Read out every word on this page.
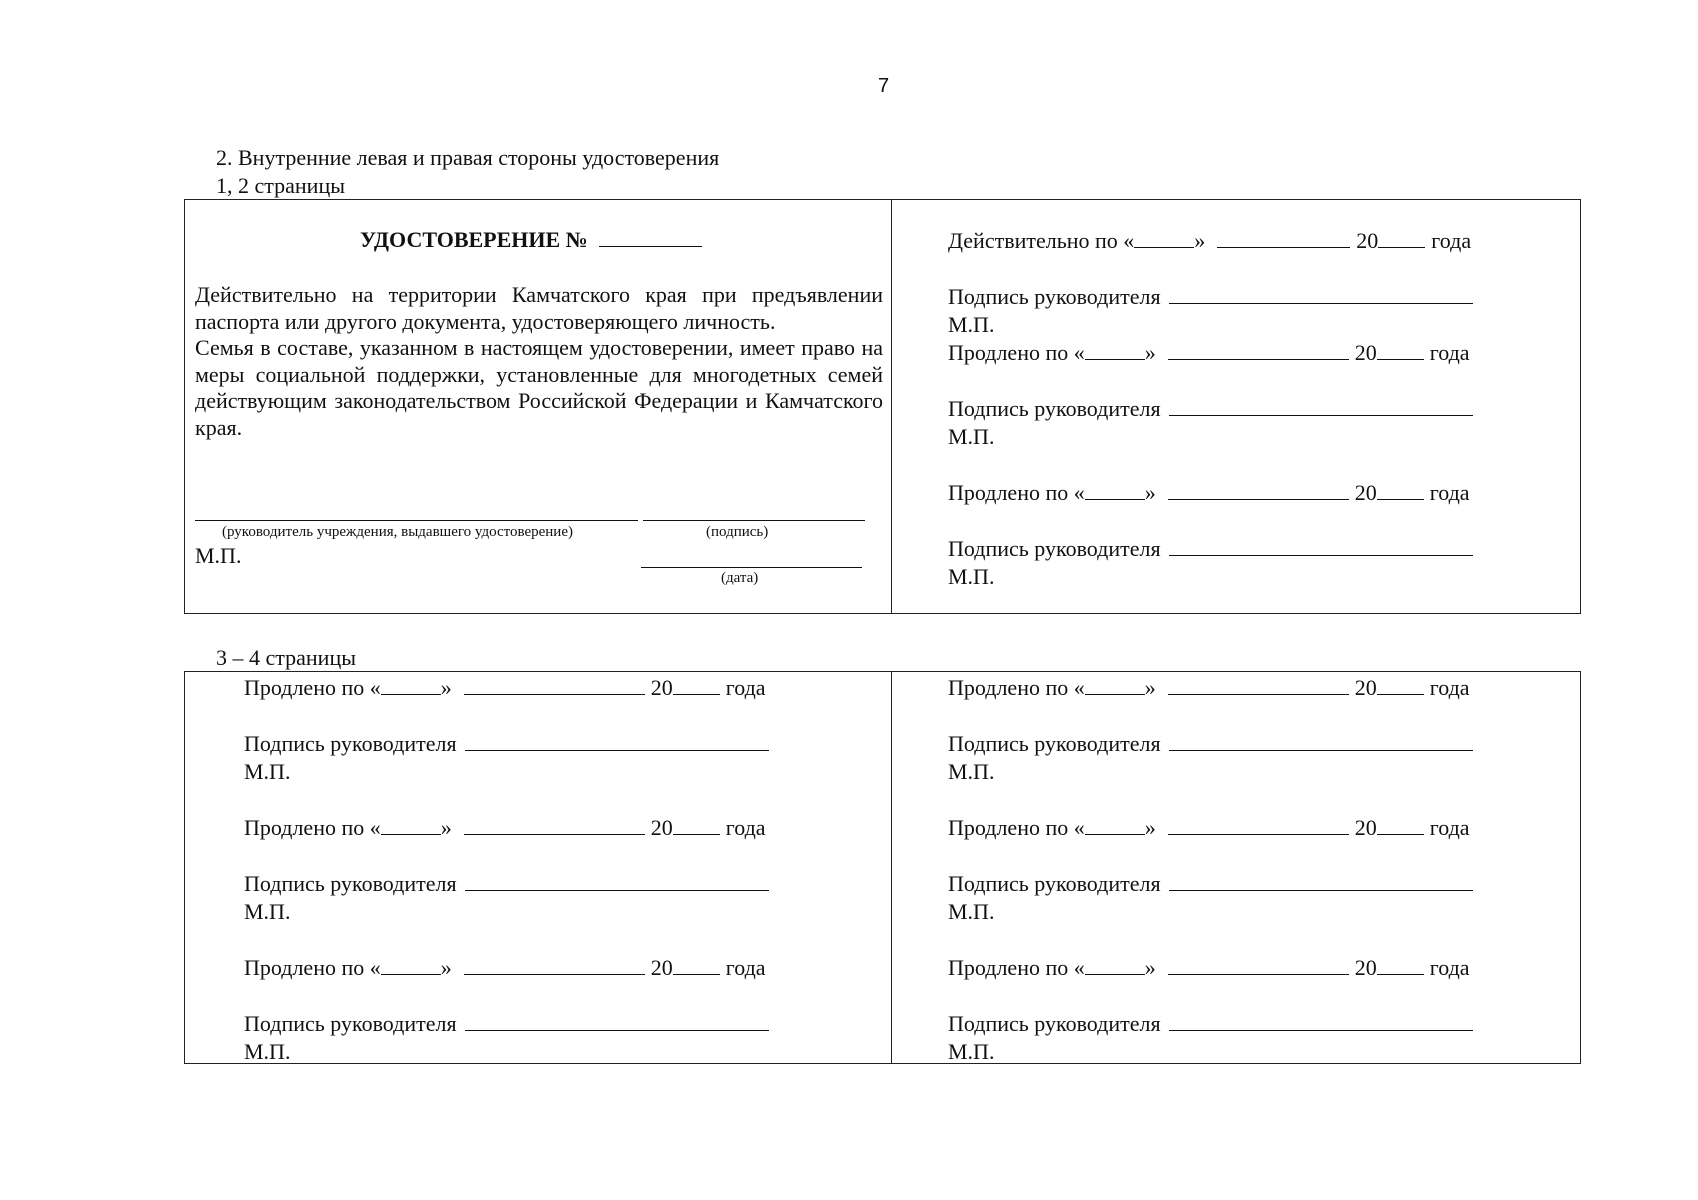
7
2. Внутренние левая и правая стороны удостоверения
1, 2 страницы
УДОСТОВЕРЕНИЕ №

Действительно на территории Камчатского края при предъявлении паспорта или другого документа, удостоверяющего личность.

Семья в составе, указанном в настоящем удостоверении, имеет право на меры социальной поддержки, установленные для многодетных семей действующим законодательством Российской Федерации и Камчатского края.

(руководитель учреждения, выдавшего удостоверение)	(подпись)
М.П.
(дата)
Действительно по «	»	20 года
Подпись руководителя
М.П.
Продлено по «	»	20 года
Подпись руководителя
М.П.
Продлено по «	»	20 года
Подпись руководителя
М.П.
3 – 4 страницы
Продлено по «	»	20 года
Подпись руководителя
М.П.
Продлено по «	»	20 года
Подпись руководителя
М.П.
Продлено по «	»	20 года
Подпись руководителя
М.П.
Продлено по «	»	20 года
Подпись руководителя
М.П.
Продлено по «	»	20 года
Подпись руководителя
М.П.
Продлено по «	»	20 года
Подпись руководителя
М.П.
